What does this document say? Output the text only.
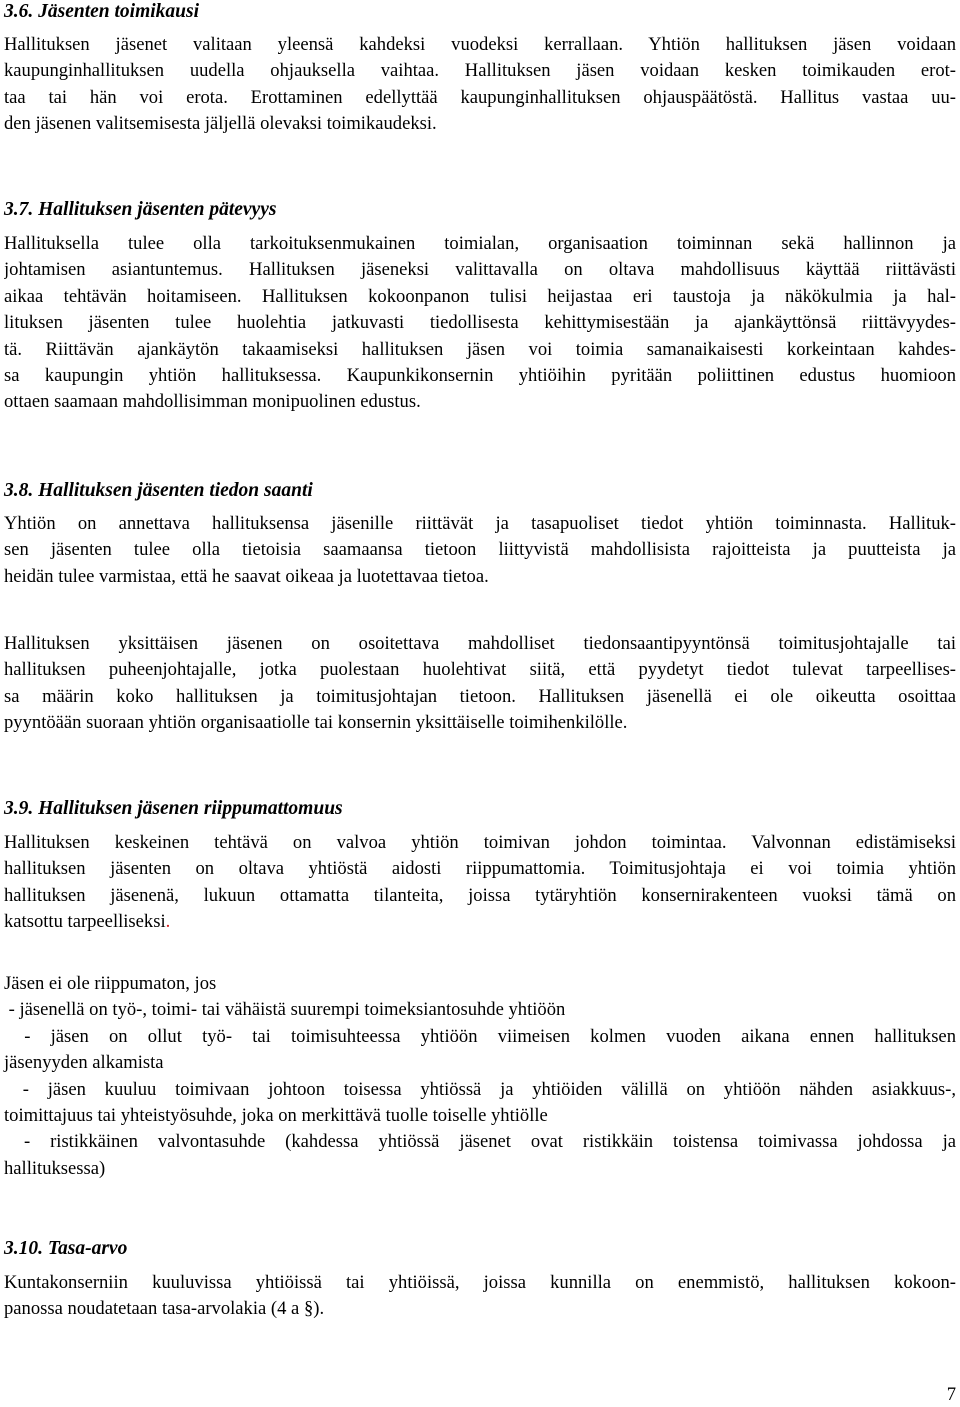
3.6. Jäsenten toimikausi
Hallituksen jäsenet valitaan yleensä kahdeksi vuodeksi kerrallaan. Yhtiön hallituksen jäsen voidaan
kaupunginhallituksen uudella ohjauksella vaihtaa. Hallituksen jäsen voidaan kesken toimikauden erot-
taa tai hän voi erota. Erottaminen edellyttää kaupunginhallituksen ohjauspäätöstä. Hallitus vastaa uu-
den jäsenen valitsemisesta jäljellä olevaksi toimikaudeksi.
3.7. Hallituksen jäsenten pätevyys
Hallituksella tulee olla tarkoituksenmukainen toimialan, organisaation toiminnan sekä hallinnon ja
johtamisen asiantuntemus. Hallituksen jäseneksi valittavalla on oltava mahdollisuus käyttää riittävästi
aikaa tehtävän hoitamiseen. Hallituksen kokoonpanon tulisi heijastaa eri taustoja ja näkökulmia ja hal-
lituksen jäsenten tulee huolehtia jatkuvasti tiedollisesta kehittymisestään ja ajankäyttönsä riittävyydes-
tä. Riittävän ajankäytön takaamiseksi hallituksen jäsen voi toimia samanaikaisesti korkeintaan kahdes-
sa kaupungin yhtiön hallituksessa. Kaupunkikonsernin yhtiöihin pyritään poliittinen edustus huomioon
ottaen saamaan mahdollisimman monipuolinen edustus.
3.8. Hallituksen jäsenten tiedon saanti
Yhtiön on annettava hallituksensa jäsenille riittävät ja tasapuoliset tiedot yhtiön toiminnasta. Hallituk-
sen jäsenten tulee olla tietoisia saamaansa tietoon liittyvistä mahdollisista rajoitteista ja puutteista ja
heidän tulee varmistaa, että he saavat oikeaa ja luotettavaa tietoa.
Hallituksen yksittäisen jäsenen on osoitettava mahdolliset tiedonsaantipyyntönsä toimitusjohtajalle tai
hallituksen puheenjohtajalle, jotka puolestaan huolehtivat siitä, että pyydetyt tiedot tulevat tarpeellises-
sa määrin koko hallituksen ja toimitusjohtajan tietoon. Hallituksen jäsenellä ei ole oikeutta osoittaa
pyyntöään suoraan yhtiön organisaatiolle tai konsernin yksittäiselle toimihenkilölle.
3.9. Hallituksen jäsenen riippumattomuus
Hallituksen keskeinen tehtävä on valvoa yhtiön toimivan johdon toimintaa. Valvonnan edistämiseksi
hallituksen jäsenten on oltava yhtiöstä aidosti riippumattomia. Toimitusjohtaja ei voi toimia yhtiön
hallituksen jäsenenä, lukuun ottamatta tilanteita, joissa tytäryhtiön konsernirakenteen vuoksi tämä on
katsottu tarpeelliseksi.
Jäsen ei ole riippumaton, jos
- jäsenellä on työ-, toimi- tai vähäistä suurempi toimeksiantosuhde yhtiöön
- jäsen on ollut työ- tai toimisuhteessa yhtiöön viimeisen kolmen vuoden aikana ennen hallituksen
jäsenyyden alkamista
- jäsen kuuluu toimivaan johtoon toisessa yhtiössä ja yhtiöiden välillä on yhtiöön nähden asiakkuus-,
toimittajuus tai yhteistyösuhde, joka on merkittävä tuolle toiselle yhtiölle
- ristikkäinen valvontasuhde (kahdessa yhtiössä jäsenet ovat ristikkäin toistensa toimivassa johdossa ja
hallituksessa)
3.10. Tasa-arvo
Kuntakonserniin kuuluvissa yhtiöissä tai yhtiöissä, joissa kunnilla on enemmistö, hallituksen kokoon-
panossa noudatetaan tasa-arvolakia (4 a §).
7
